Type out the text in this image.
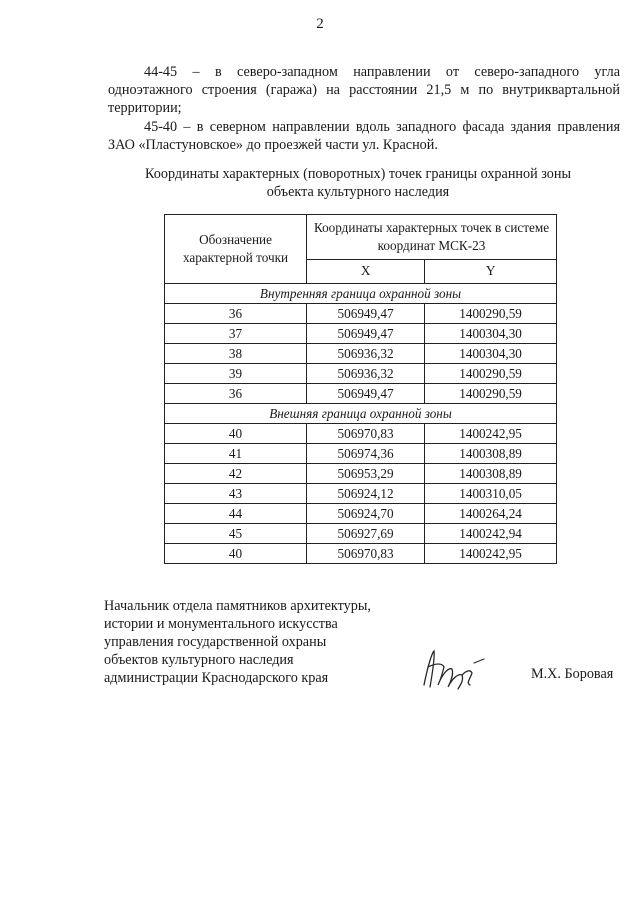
2

44-45 – в северо-западном направлении от северо-западного угла одноэтажного строения (гаража) на расстоянии 21,5 м по внутриквартальной территории;

45-40 – в северном направлении вдоль западного фасада здания правления ЗАО «Пластуновское» до проезжей части ул. Красной.

Координаты характерных (поворотных) точек границы охранной зоны
объекта культурного наследия
Обозначение характерной точки	Координаты характерных точек в системе координат МСК-23	
	X	Y
Внутренняя граница охранной зоны		
36	506949,47	1400290,59
37	506949,47	1400304,30
38	506936,32	1400304,30
39	506936,32	1400290,59
36	506949,47	1400290,59
Внешняя граница охранной зоны		
40	506970,83	1400242,95
41	506974,36	1400308,89
42	506953,29	1400308,89
43	506924,12	1400310,05
44	506924,70	1400264,24
45	506927,69	1400242,94
40	506970,83	1400242,95
Начальник отдела памятников архитектуры,
истории и монументального искусства
управления государственной охраны
объектов культурного наследия
администрации Краснодарского края	М.Х. Боровая
